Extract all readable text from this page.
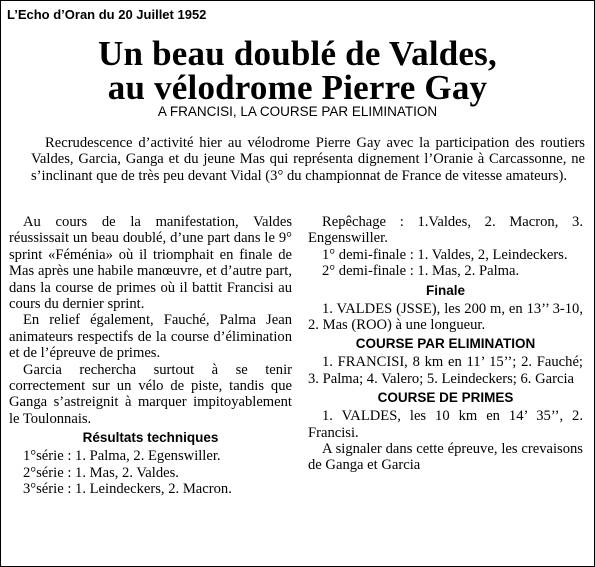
L’Echo d’Oran du 20 Juillet 1952
Un beau doublé de Valdes,
au vélodrome Pierre Gay
A FRANCISI, LA COURSE PAR ELIMINATION

Recrudescence d’activité hier au vélodrome Pierre Gay avec la participation des routiers Valdes, Garcia, Ganga et du jeune Mas qui représenta dignement l’Oranie à Carcassonne, ne s’inclinant que de très peu devant Vidal (3° du championnat de France de vitesse amateurs).

Au cours de la manifestation, Valdes réussissait un beau doublé, d’une part dans le 9° sprint «Féménia» où il triomphait en finale de Mas après une habile manœuvre, et d’autre part, dans la course de primes où il battit Francisi au cours du dernier sprint.

En relief également, Fauché, Palma Jean animateurs respectifs de la course d’élimination et de l’épreuve de primes.

Garcia rechercha surtout à se tenir correctement sur un vélo de piste, tandis que Ganga s’astreignit à marquer impitoyablement le Toulonnais.

Résultats techniques

1°série : 1. Palma, 2. Egenswiller.

2°série : 1. Mas, 2. Valdes.

3°série : 1. Leindeckers, 2. Macron.

Repêchage : 1.Valdes, 2. Macron, 3. Engenswiller.

1° demi-finale : 1. Valdes, 2, Leindeckers.

2° demi-finale : 1. Mas, 2. Palma.

Finale

1. VALDES (JSSE), les 200 m, en 13’’ 3-10, 2. Mas (ROO) à une longueur.

COURSE PAR ELIMINATION

1. FRANCISI, 8 km en 11’ 15’’; 2. Fauché; 3. Palma; 4. Valero; 5. Leindeckers; 6. Garcia

COURSE DE PRIMES

1. VALDES, les 10 km en 14’ 35’’, 2. Francisi.

A signaler dans cette épreuve, les crevaisons de Ganga et Garcia
